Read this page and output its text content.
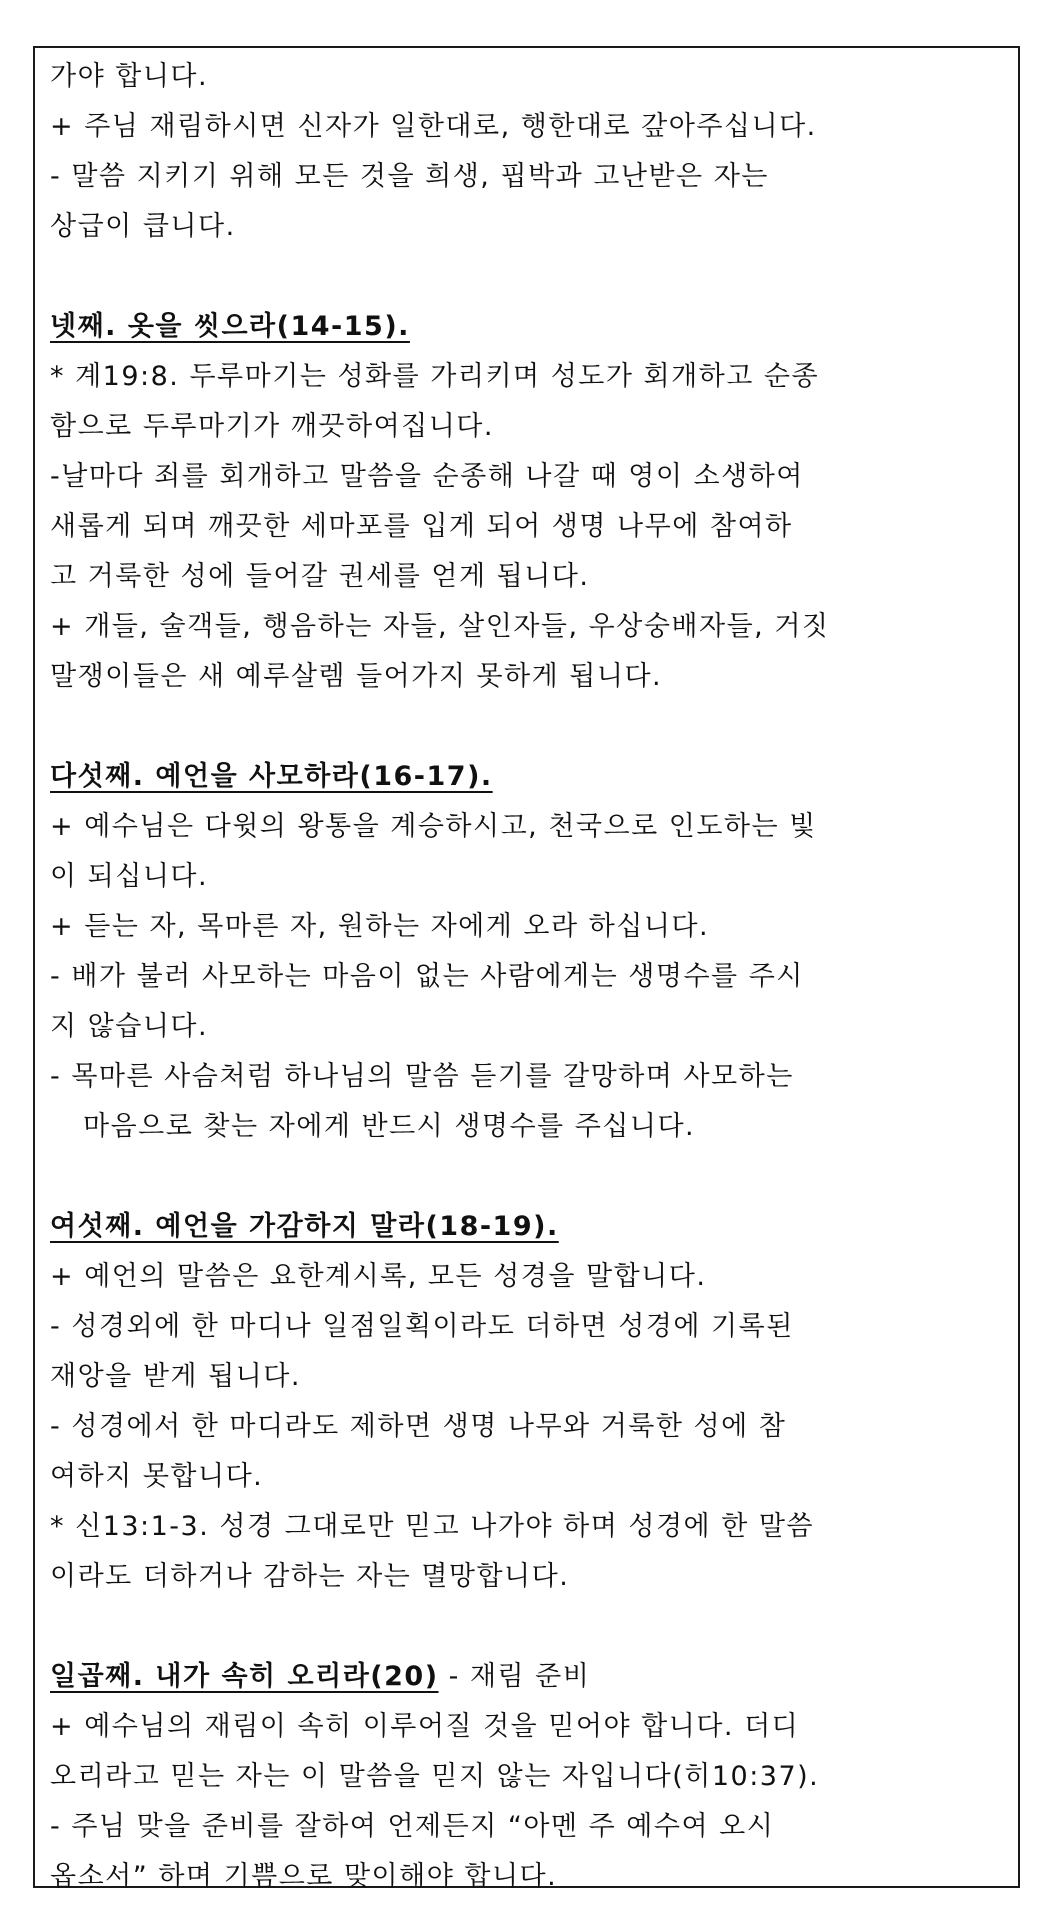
가야 합니다.
+ 주님 재림하시면 신자가 일한대로, 행한대로 갚아주십니다.
- 말씀 지키기 위해 모든 것을 희생, 핍박과 고난받은 자는
상급이 큽니다.
넷째. 옷을 씻으라(14-15).
* 계19:8. 두루마기는 성화를 가리키며 성도가 회개하고 순종
함으로 두루마기가 깨끗하여집니다.
-날마다 죄를 회개하고 말씀을 순종해 나갈 때 영이 소생하여
새롭게 되며 깨끗한 세마포를 입게 되어 생명 나무에 참여하
고 거룩한 성에 들어갈 권세를 얻게 됩니다.
+ 개들, 술객들, 행음하는 자들, 살인자들, 우상숭배자들, 거짓
말쟁이들은 새 예루살렘 들어가지 못하게 됩니다.
다섯째. 예언을 사모하라(16-17).
+ 예수님은 다윗의 왕통을 계승하시고, 천국으로 인도하는 빛
이 되십니다.
+ 듣는 자, 목마른 자, 원하는 자에게 오라 하십니다.
- 배가 불러 사모하는 마음이 없는 사람에게는 생명수를 주시
지 않습니다.
- 목마른 사슴처럼 하나님의 말씀 듣기를 갈망하며 사모하는
마음으로 찾는 자에게 반드시 생명수를 주십니다.
여섯째. 예언을 가감하지 말라(18-19).
+ 예언의 말씀은 요한계시록, 모든 성경을 말합니다.
- 성경외에 한 마디나 일점일획이라도 더하면 성경에 기록된
재앙을 받게 됩니다.
- 성경에서 한 마디라도 제하면 생명 나무와 거룩한 성에 참
여하지 못합니다.
* 신13:1-3. 성경 그대로만 믿고 나가야 하며 성경에 한 말씀
이라도 더하거나 감하는 자는 멸망합니다.
일곱째. 내가 속히 오리라(20) - 재림 준비
+ 예수님의 재림이 속히 이루어질 것을 믿어야 합니다. 더디
오리라고 믿는 자는 이 말씀을 믿지 않는 자입니다(히10:37).
- 주님 맞을 준비를 잘하여 언제든지 “아멘 주 예수여 오시
옵소서” 하며 기쁨으로 맞이해야 합니다.
